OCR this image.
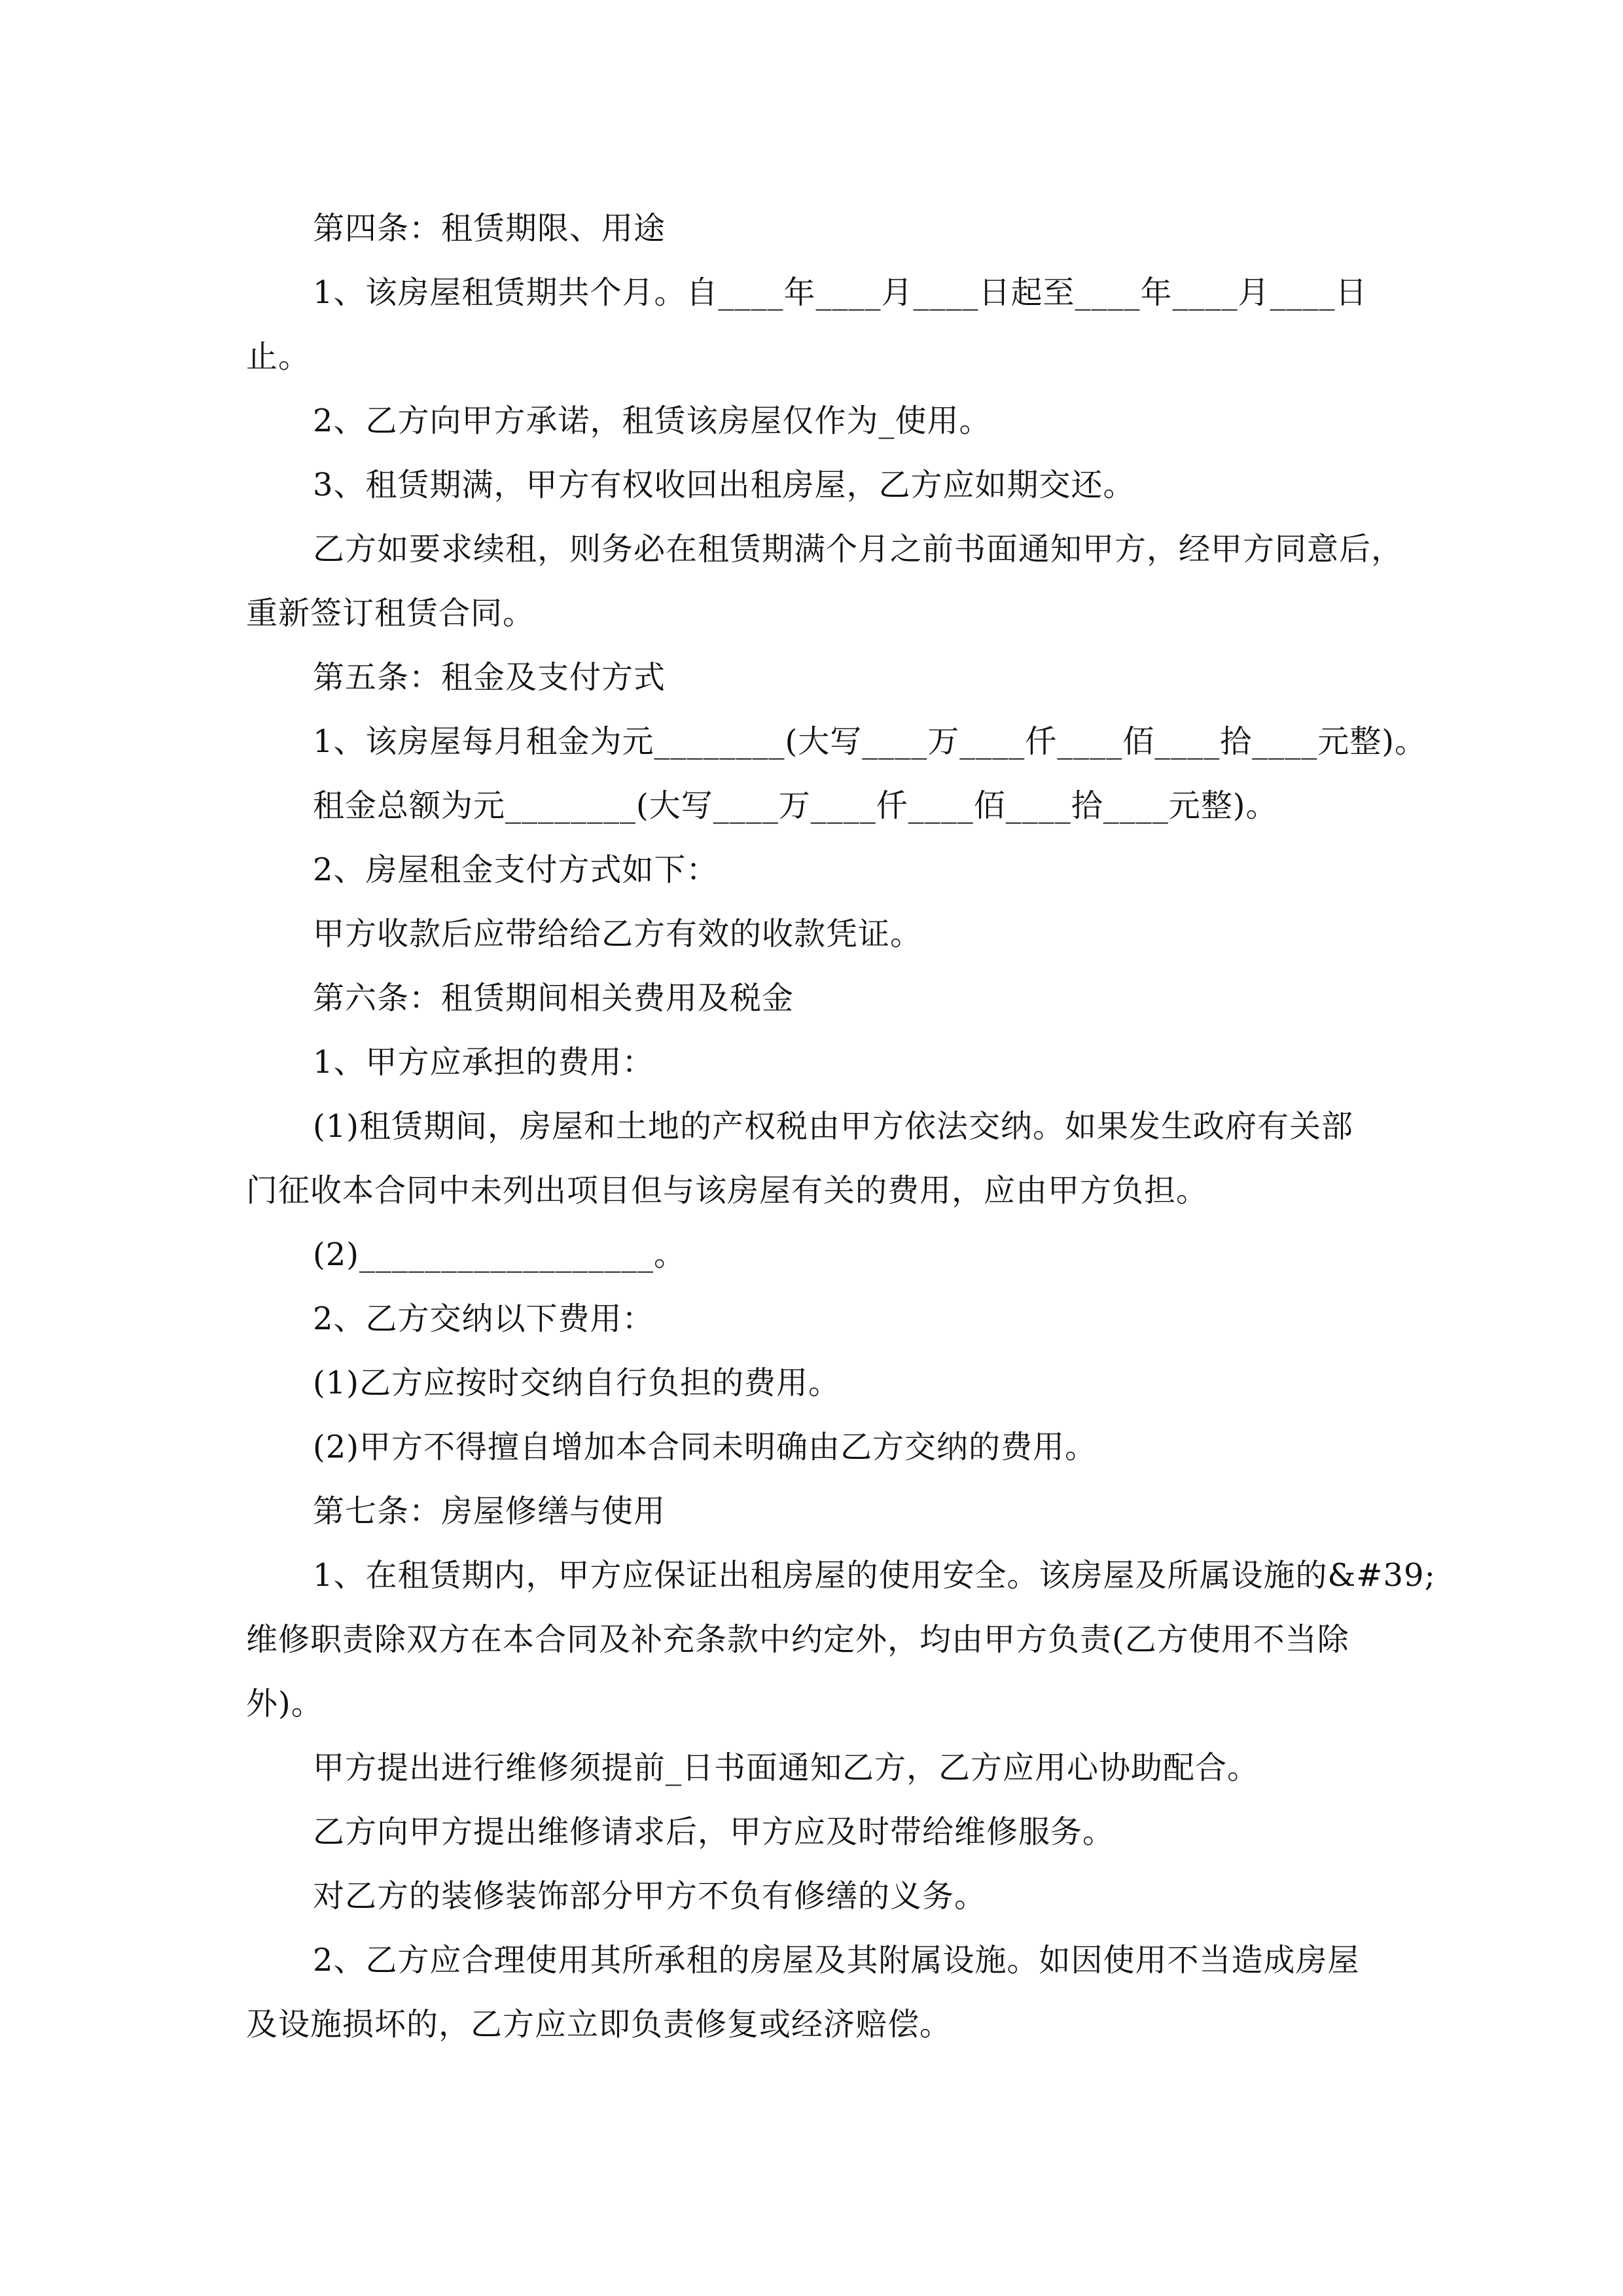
第四条：租赁期限、用途

1、该房屋租赁期共个月。自____年____月____日起至____年____月____日

止。

2、乙方向甲方承诺，租赁该房屋仅作为_使用。

3、租赁期满，甲方有权收回出租房屋，乙方应如期交还。

乙方如要求续租，则务必在租赁期满个月之前书面通知甲方，经甲方同意后，

重新签订租赁合同。

第五条：租金及支付方式

1、该房屋每月租金为元________(大写____万____仟____佰____拾____元整)。

租金总额为元________(大写____万____仟____佰____拾____元整)。

2、房屋租金支付方式如下：

甲方收款后应带给给乙方有效的收款凭证。

第六条：租赁期间相关费用及税金

1、甲方应承担的费用：

(1)租赁期间，房屋和土地的产权税由甲方依法交纳。如果发生政府有关部

门征收本合同中未列出项目但与该房屋有关的费用，应由甲方负担。

(2)__________________。

2、乙方交纳以下费用：

(1)乙方应按时交纳自行负担的费用。

(2)甲方不得擅自增加本合同未明确由乙方交纳的费用。

第七条：房屋修缮与使用

1、在租赁期内，甲方应保证出租房屋的使用安全。该房屋及所属设施的&#39;

维修职责除双方在本合同及补充条款中约定外，均由甲方负责(乙方使用不当除

外)。

甲方提出进行维修须提前_日书面通知乙方，乙方应用心协助配合。

乙方向甲方提出维修请求后，甲方应及时带给维修服务。

对乙方的装修装饰部分甲方不负有修缮的义务。

2、乙方应合理使用其所承租的房屋及其附属设施。如因使用不当造成房屋

及设施损坏的，乙方应立即负责修复或经济赔偿。
